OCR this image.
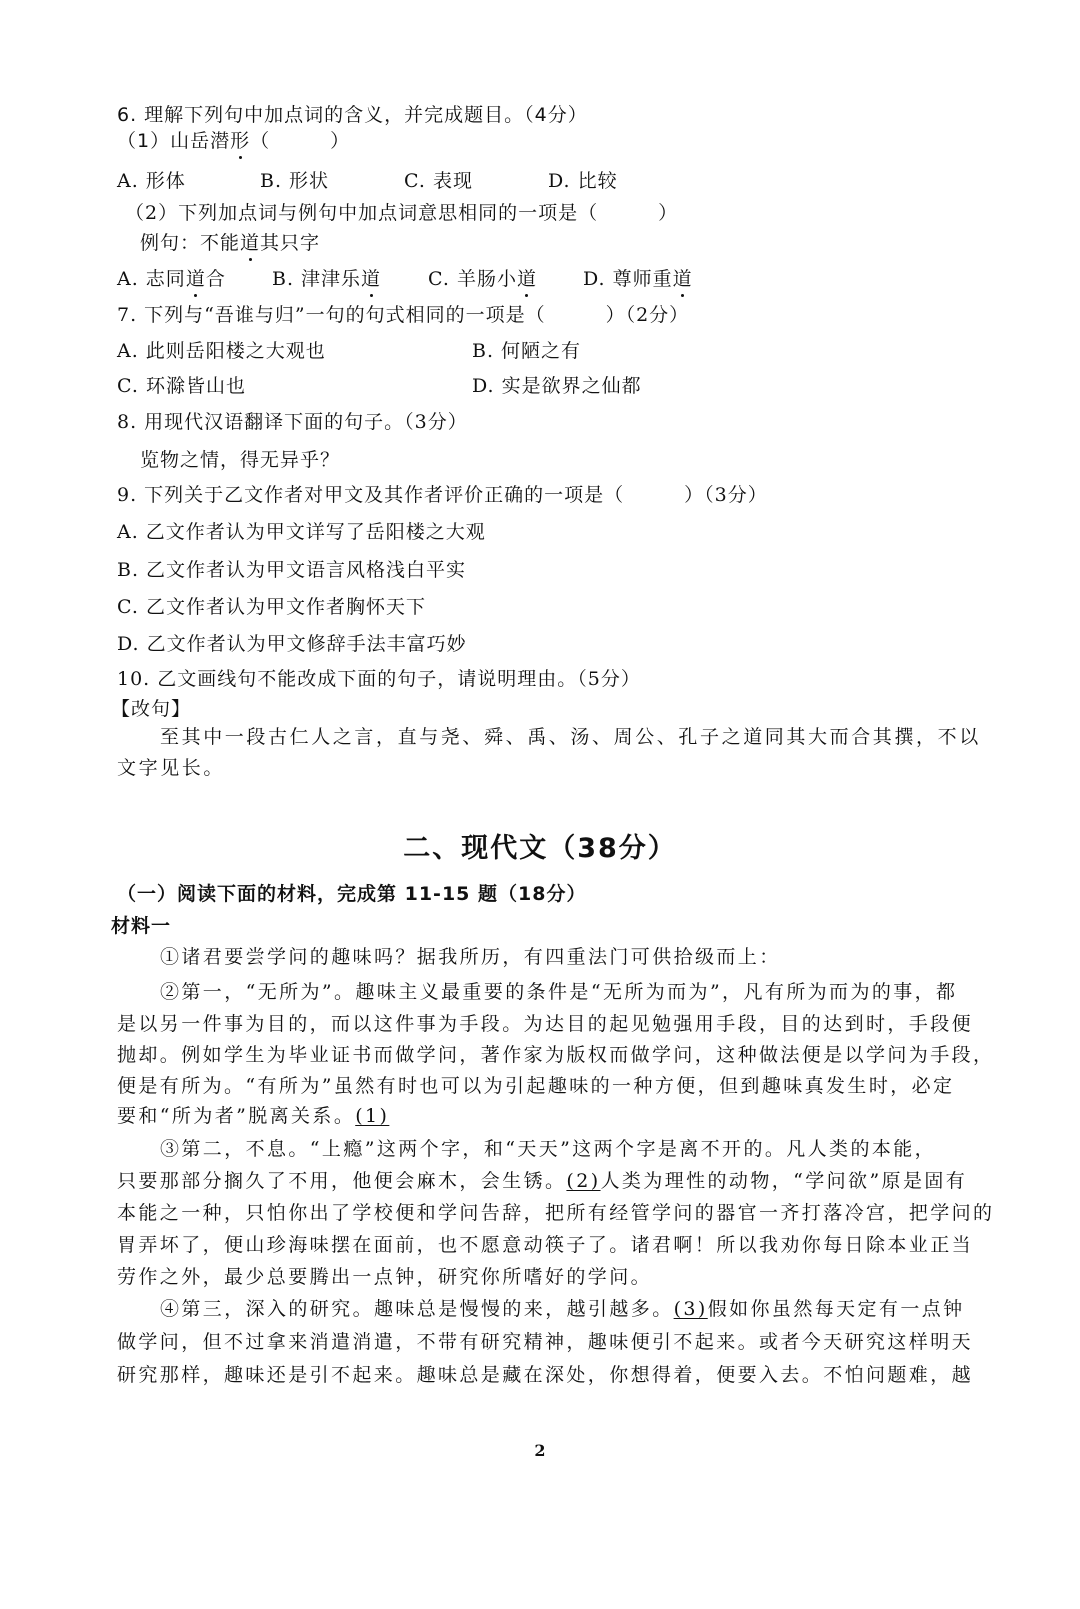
6. 理解下列句中加点词的含义，并完成题目。（4分）
（1）山岳潜形（　　　）
A. 形体	B. 形状	C. 表现	D. 比较
（2）下列加点词与例句中加点词意思相同的一项是（　　　）
例句：不能道其只字
A. 志同道合 B. 津津乐道 C. 羊肠小道 D. 尊师重道
7. 下列与“吾谁与归”一句的句式相同的一项是（　　　）（2分）
A. 此则岳阳楼之大观也	B. 何陋之有
C. 环滁皆山也	D. 实是欲界之仙都
8. 用现代汉语翻译下面的句子。（3分）
览物之情，得无异乎？
9. 下列关于乙文作者对甲文及其作者评价正确的一项是（　　　）（3分）
A. 乙文作者认为甲文详写了岳阳楼之大观
B. 乙文作者认为甲文语言风格浅白平实
C. 乙文作者认为甲文作者胸怀天下
D. 乙文作者认为甲文修辞手法丰富巧妙
10. 乙文画线句不能改成下面的句子，请说明理由。（5分）
【改句】
至其中一段古仁人之言，直与尧、舜、禹、汤、周公、孔子之道同其大而合其撰，不以
文字见长。
二、现代文（38分）
（一）阅读下面的材料，完成第 11-15 题（18分）
材料一
①诸君要尝学问的趣味吗？据我所历，有四重法门可供拾级而上：
②第一，“无所为”。趣味主义最重要的条件是“无所为而为”，凡有所为而为的事，都
是以另一件事为目的，而以这件事为手段。为达目的起见勉强用手段，目的达到时，手段便
抛却。例如学生为毕业证书而做学问，著作家为版权而做学问，这种做法便是以学问为手段，
便是有所为。“有所为”虽然有时也可以为引起趣味的一种方便，但到趣味真发生时，必定
要和“所为者”脱离关系。(1)
③第二，不息。“上瘾”这两个字，和“天天”这两个字是离不开的。凡人类的本能，
只要那部分搁久了不用，他便会麻木，会生锈。(2)人类为理性的动物，“学问欲”原是固有
本能之一种，只怕你出了学校便和学问告辞，把所有经管学问的器官一齐打落冷宫，把学问的
胃弄坏了，便山珍海味摆在面前，也不愿意动筷子了。诸君啊！所以我劝你每日除本业正当
劳作之外，最少总要腾出一点钟，研究你所嗜好的学问。
④第三，深入的研究。趣味总是慢慢的来，越引越多。(3)假如你虽然每天定有一点钟
做学问，但不过拿来消遣消遣，不带有研究精神，趣味便引不起来。或者今天研究这样明天
研究那样，趣味还是引不起来。趣味总是藏在深处，你想得着，便要入去。不怕问题难，越
2
